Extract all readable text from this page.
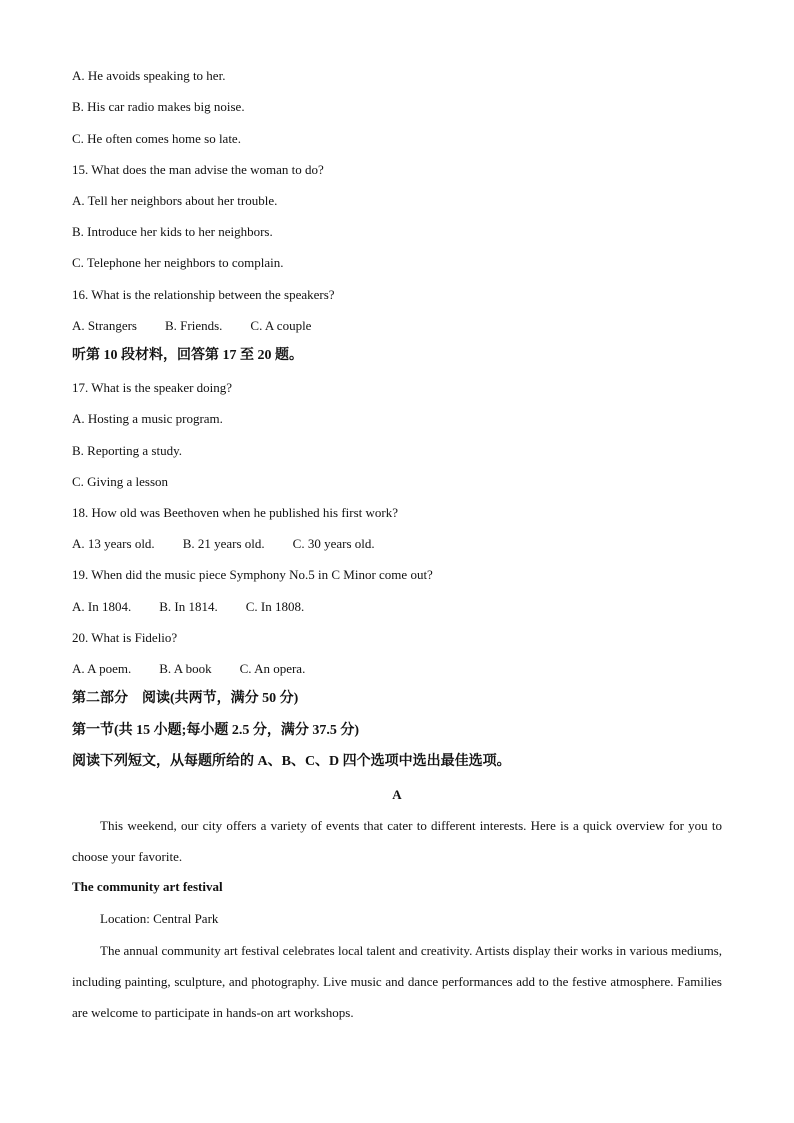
A. He avoids speaking to her.
B. His car radio makes big noise.
C. He often comes home so late.
15. What does the man advise the woman to do?
A. Tell her neighbors about her trouble.
B. Introduce her kids to her neighbors.
C. Telephone her neighbors to complain.
16. What is the relationship between the speakers?
A. Strangers B. Friends. C. A couple
听第 10 段材料，回答第 17 至 20 题。
17. What is the speaker doing?
A. Hosting a music program.
B. Reporting a study.
C. Giving a lesson
18. How old was Beethoven when he published his first work?
A. 13 years old. B. 21 years old. C. 30 years old.
19. When did the music piece Symphony No.5 in C Minor come out?
A. In 1804. B. In 1814. C. In 1808.
20. What is Fidelio?
A. A poem. B. A book C. An opera.
第二部分　阅读(共两节，满分 50 分)
第一节(共 15 小题;每小题 2.5 分，满分 37.5 分)
阅读下列短文，从每题所给的 A、B、C、D 四个选项中选出最佳选项。
A
This weekend, our city offers a variety of events that cater to different interests. Here is a quick overview for you to choose your favorite.
The community art festival
Location: Central Park
The annual community art festival celebrates local talent and creativity. Artists display their works in various mediums, including painting, sculpture, and photography. Live music and dance performances add to the festive atmosphere. Families are welcome to participate in hands-on art workshops.
